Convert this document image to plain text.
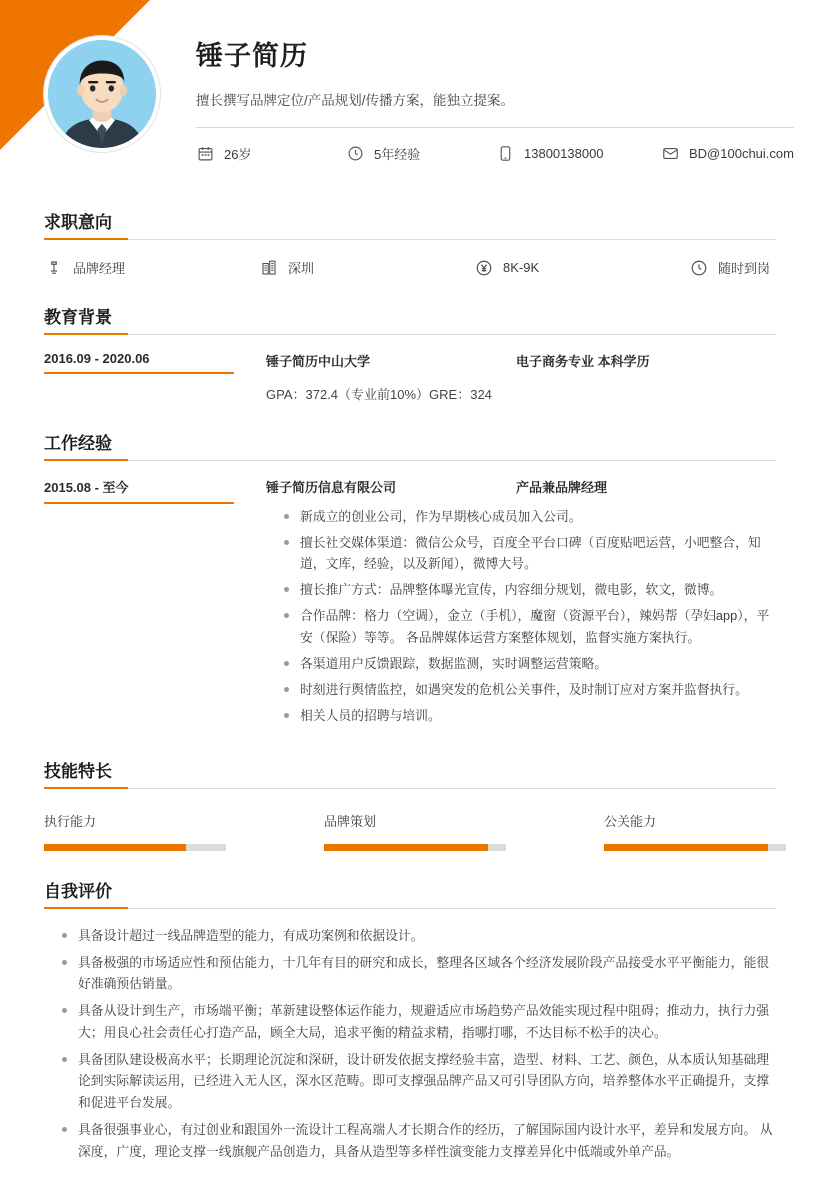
锤子简历
擅长撰写品牌定位/产品规划/传播方案，能独立提案。
26岁	5年经验	13800138000	BD@100chui.com
求职意向
品牌经理	深圳	8K-9K	随时到岗
教育背景
2016.09 - 2020.06	锤子简历中山大学	电子商务专业 本科学历
GPA：372.4（专业前10%）GRE：324
工作经验
2015.08 - 至今	锤子简历信息有限公司	产品兼品牌经理
新成立的创业公司，作为早期核心成员加入公司。
擅长社交媒体渠道：微信公众号，百度全平台口碑（百度贴吧运营，小吧整合，知道，文库，经验，以及新闻），微博大号。
擅长推广方式：品牌整体曝光宣传，内容细分规划，微电影，软文，微博。
合作品牌：格力（空调），金立（手机），魔窗（资源平台），辣妈帮（孕妇app），平安（保险）等等。 各品牌媒体运营方案整体规划，监督实施方案执行。
各渠道用户反馈跟踪，数据监测，实时调整运营策略。
时刻进行舆情监控，如遇突发的危机公关事件，及时制订应对方案并监督执行。
相关人员的招聘与培训。
技能特长
执行能力	品牌策划	公关能力
自我评价
具备设计超过一线品牌造型的能力，有成功案例和依据设计。
具备极强的市场适应性和预估能力，十几年有目的研究和成长，整理各区域各个经济发展阶段产品接受水平平衡能力，能很好准确预估销量。
具备从设计到生产，市场端平衡；革新建设整体运作能力，规避适应市场趋势产品效能实现过程中阻碍；推动力，执行力强大；用良心社会责任心打造产品，顾全大局，追求平衡的精益求精，指哪打哪，不达目标不松手的决心。
具备团队建设极高水平；长期理论沉淀和深研，设计研发依据支撑经验丰富，造型、材料、工艺、颜色，从本质认知基础理论到实际解读运用，已经进入无人区，深水区范畴。即可支撑强品牌产品又可引导团队方向，培养整体水平正确提升，支撑和促进平台发展。
具备很强事业心，有过创业和跟国外一流设计工程高端人才长期合作的经历，了解国际国内设计水平，差异和发展方向。 从深度，广度，理论支撑一线旗舰产品创造力，具备从造型等多样性演变能力支撑差异化中低端或外单产品。
